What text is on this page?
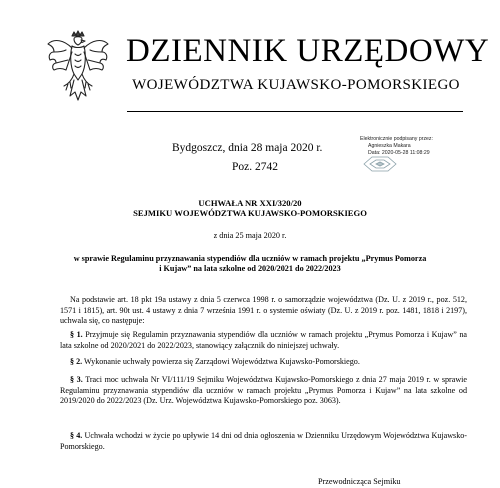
DZIENNIK URZĘDOWY
WOJEWÓDZTWA KUJAWSKO-POMORSKIEGO
Bydgoszcz, dnia 28 maja 2020 r.
Poz. 2742
Elektronicznie podpisany przez:
Agnieszka Makara
Data: 2020-05-28 11:08:29
UCHWAŁA NR XXI/320/20
SEJMIKU WOJEWÓDZTWA KUJAWSKO-POMORSKIEGO
z dnia 25 maja 2020 r.
w sprawie Regulaminu przyznawania stypendiów dla uczniów w ramach projektu „Prymus Pomorza
i Kujaw” na lata szkolne od 2020/2021 do 2022/2023
Na podstawie art. 18 pkt 19a ustawy z dnia 5 czerwca 1998 r. o samorządzie województwa (Dz. U. z 2019 r., poz. 512, 1571 i 1815), art. 90t ust. 4 ustawy z dnia 7 września 1991 r. o systemie oświaty (Dz. U. z 2019 r. poz. 1481, 1818 i 2197), uchwala się, co następuje:
§ 1. Przyjmuje się Regulamin przyznawania stypendiów dla uczniów w ramach projektu „Prymus Pomorza i Kujaw” na lata szkolne od 2020/2021 do 2022/2023, stanowiący załącznik do niniejszej uchwały.
§ 2. Wykonanie uchwały powierza się Zarządowi Województwa Kujawsko-Pomorskiego.
§ 3. Traci moc uchwała Nr VI/111/19 Sejmiku Województwa Kujawsko-Pomorskiego z dnia 27 maja 2019 r. w sprawie Regulaminu przyznawania stypendiów dla uczniów w ramach projektu „Prymus Pomorza i Kujaw” na lata szkolne od 2019/2020 do 2022/2023 (Dz. Urz. Województwa Kujawsko-Pomorskiego poz. 3063).
§ 4. Uchwała wchodzi w życie po upływie 14 dni od dnia ogłoszenia w Dzienniku Urzędowym Województwa Kujawsko-Pomorskiego.
Przewodnicząca Sejmiku
